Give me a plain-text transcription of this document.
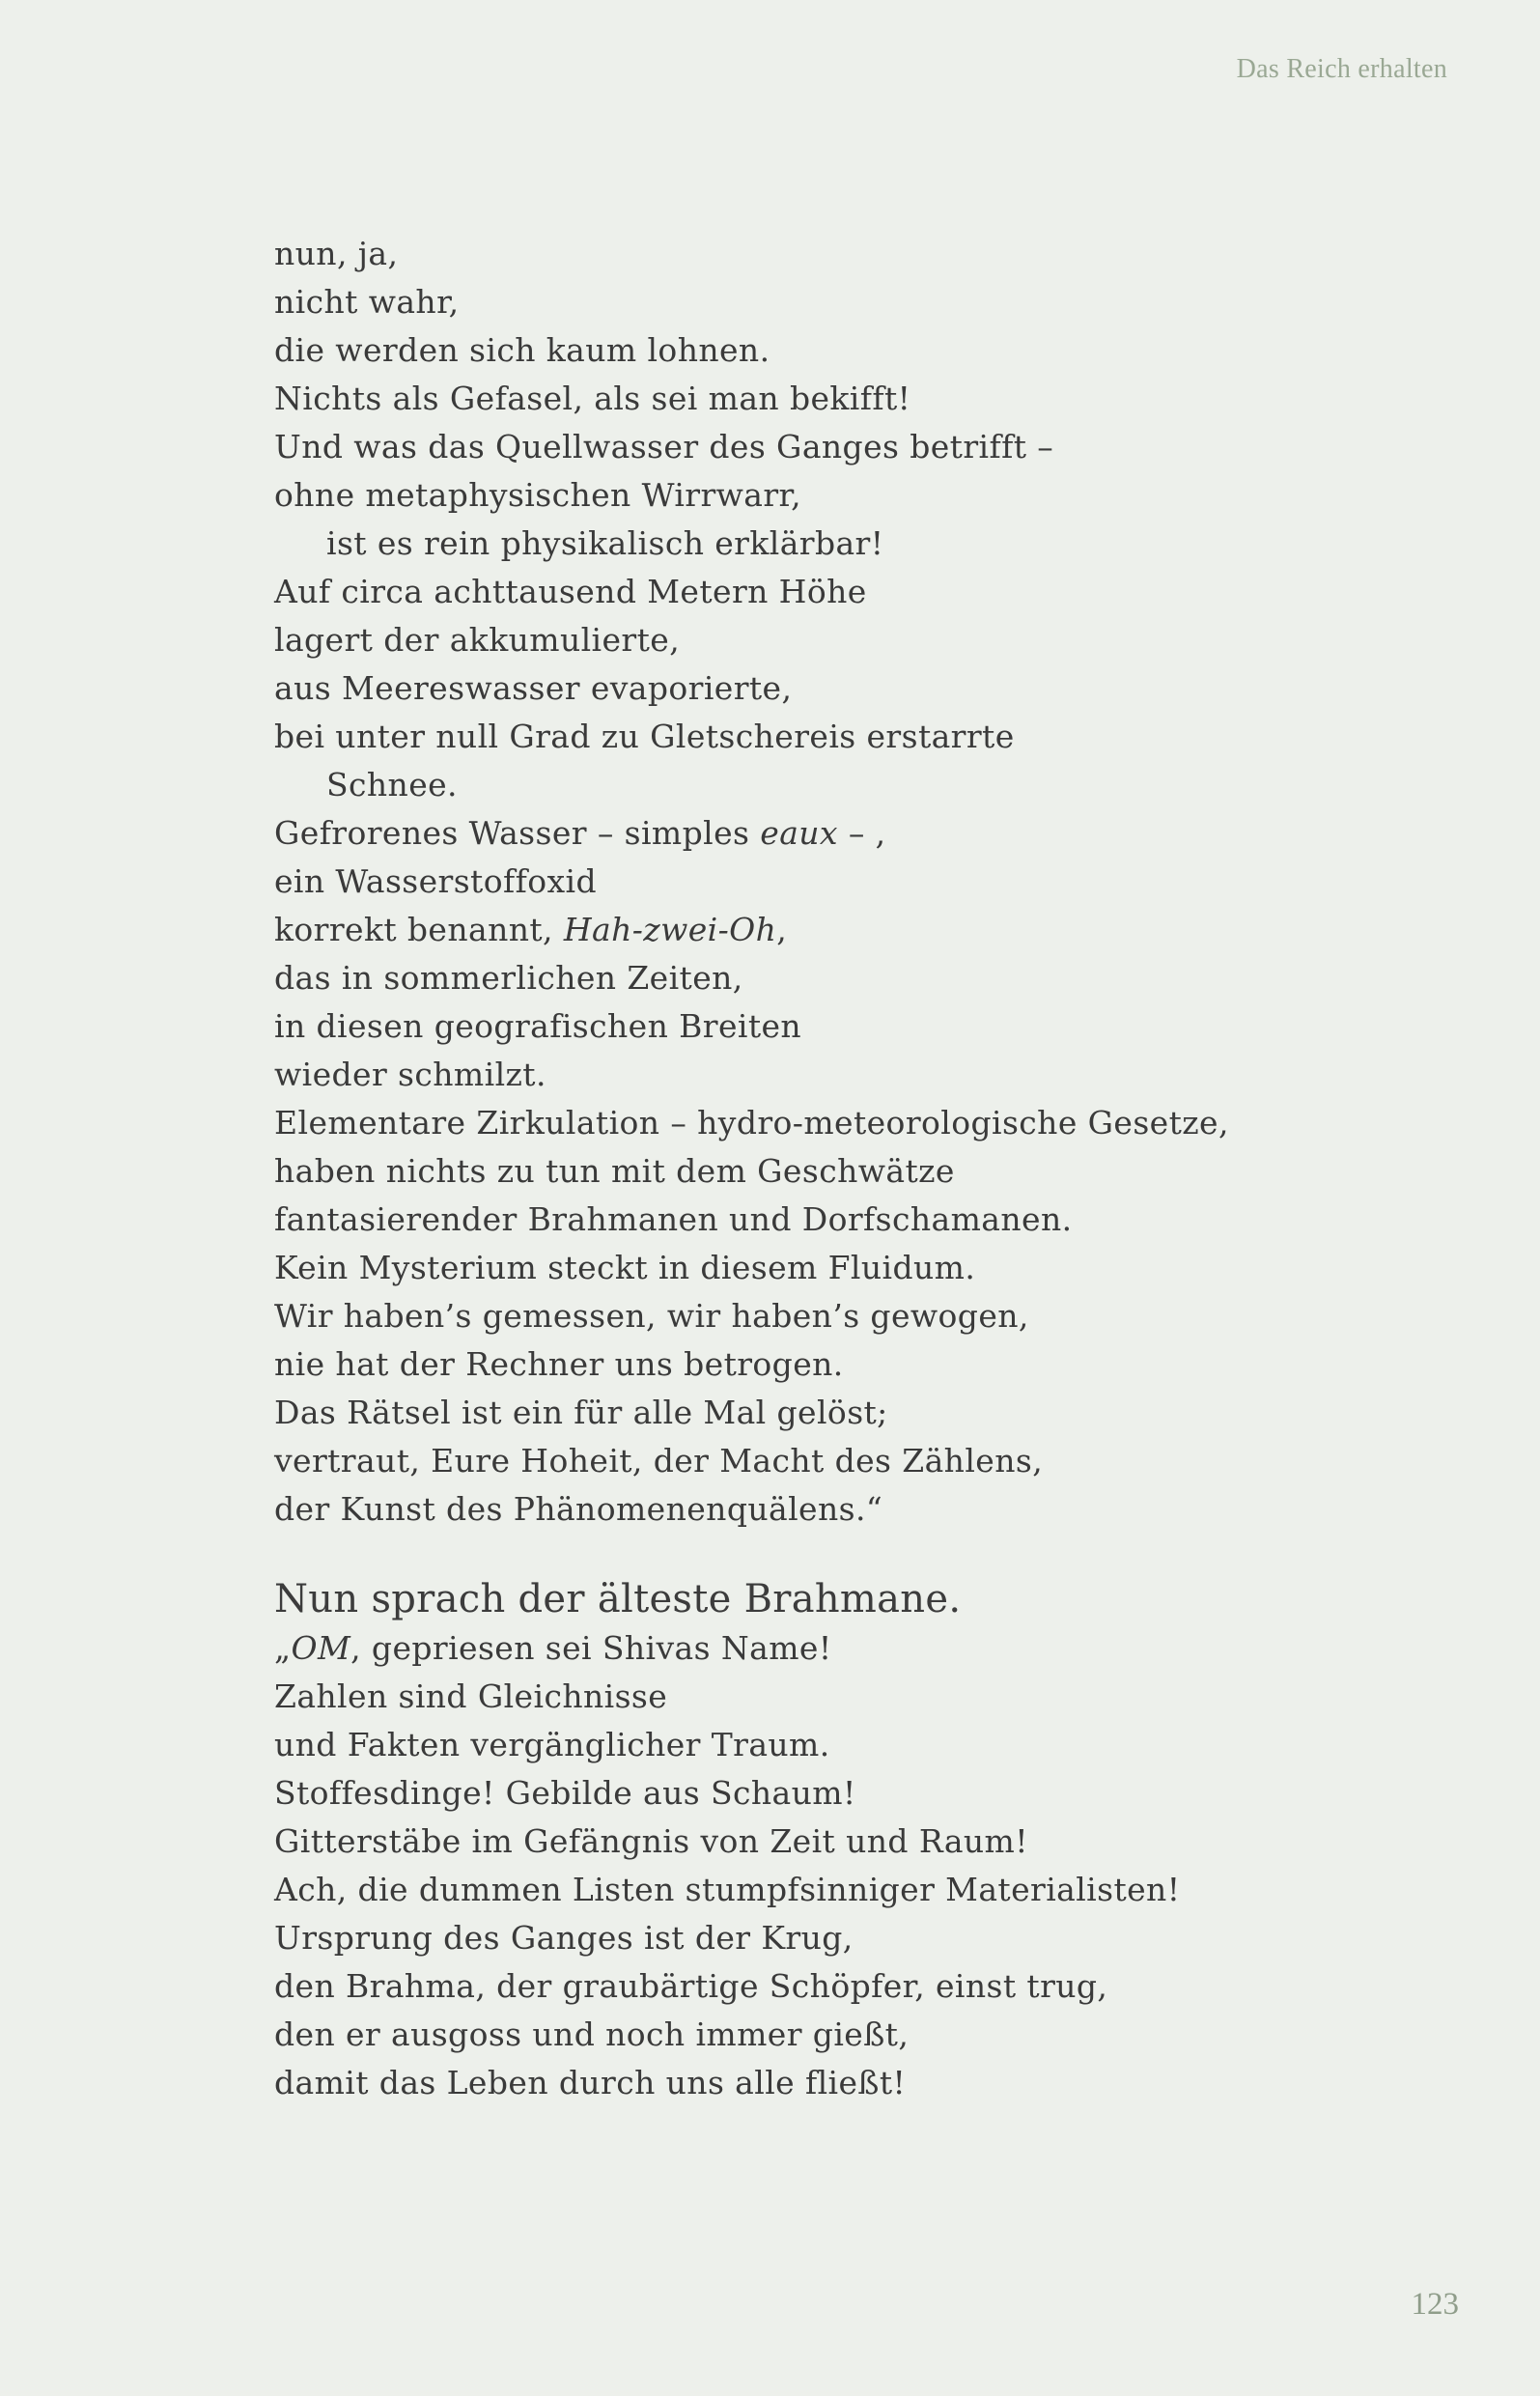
Das Reich erhalten
nun, ja,
nicht wahr,
die werden sich kaum lohnen.
Nichts als Gefasel, als sei man bekifft!
Und was das Quellwasser des Ganges betrifft –
ohne metaphysischen Wirrwarr,
ist es rein physikalisch erklärbar!
Auf circa achttausend Metern Höhe
lagert der akkumulierte,
aus Meereswasser evaporierte,
bei unter null Grad zu Gletschereis erstarrte
Schnee.
Gefrorenes Wasser – simples eaux – ,
ein Wasserstoffoxid
korrekt benannt, Hah-zwei-Oh,
das in sommerlichen Zeiten,
in diesen geografischen Breiten
wieder schmilzt.
Elementare Zirkulation – hydro-meteorologische Gesetze,
haben nichts zu tun mit dem Geschwätze
fantasierender Brahmanen und Dorfschamanen.
Kein Mysterium steckt in diesem Fluidum.
Wir haben’s gemessen, wir haben’s gewogen,
nie hat der Rechner uns betrogen.
Das Rätsel ist ein für alle Mal gelöst;
vertraut, Eure Hoheit, der Macht des Zählens,
der Kunst des Phänomenenquälens.“
Nun sprach der älteste Brahmane.
„OM, gepriesen sei Shivas Name!
Zahlen sind Gleichnisse
und Fakten vergänglicher Traum.
Stoffesdinge! Gebilde aus Schaum!
Gitterstäbe im Gefängnis von Zeit und Raum!
Ach, die dummen Listen stumpfsinniger Materialisten!
Ursprung des Ganges ist der Krug,
den Brahma, der graubärtige Schöpfer, einst trug,
den er ausgoss und noch immer gießt,
damit das Leben durch uns alle fließt!
123
